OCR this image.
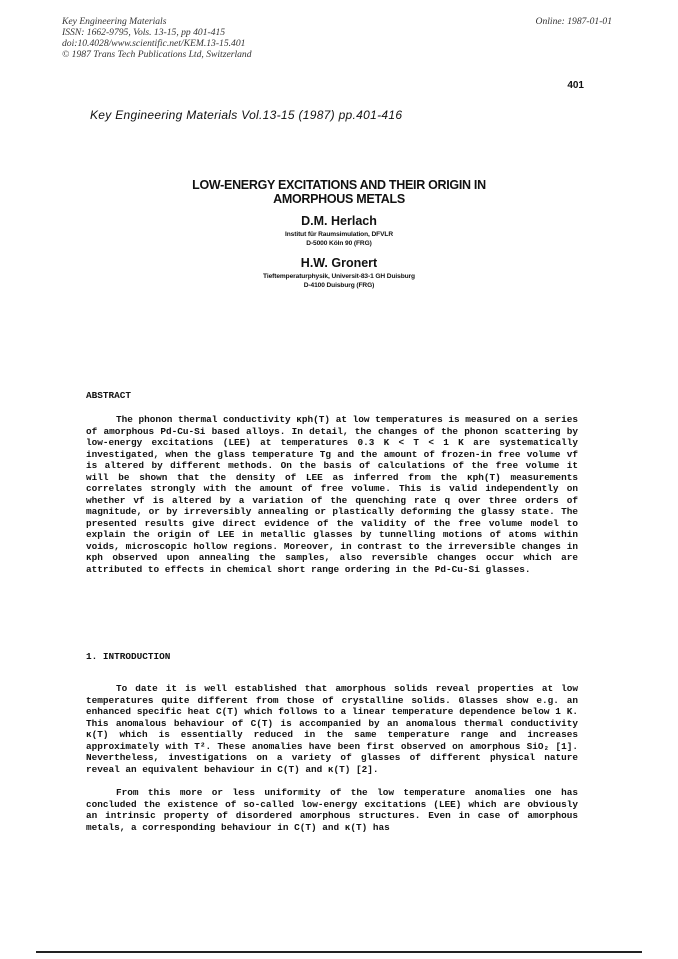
Key Engineering Materials
ISSN: 1662-9795, Vols. 13-15, pp 401-415
doi:10.4028/www.scientific.net/KEM.13-15.401
© 1987 Trans Tech Publications Ltd, Switzerland
Online: 1987-01-01
401
Key Engineering Materials Vol.13-15 (1987) pp.401-416
LOW-ENERGY EXCITATIONS AND THEIR ORIGIN IN
AMORPHOUS METALS
D.M. Herlach
Institut für Raumsimulation, DFVLR
D-5000 Köln 90 (FRG)
H.W. Gronert
Tieftemperaturphysik, Universit-83-1 GH Duisburg
D-4100 Duisburg (FRG)
ABSTRACT

The phonon thermal conductivity κph(T) at low temperatures is measured on a series of amorphous Pd-Cu-Si based alloys. In detail, the changes of the phonon scattering by low-energy excitations (LEE) at temperatures 0.3 K < T < 1 K are systematically investigated, when the glass temperature Tg and the amount of frozen-in free volume vf is altered by different methods. On the basis of calculations of the free volume it will be shown that the density of LEE as inferred from the κph(T) measurements correlates strongly with the amount of free volume. This is valid independently on whether vf is altered by a variation of the quenching rate q over three orders of magnitude, or by irreversibly annealing or plastically deforming the glassy state. The presented results give direct evidence of the validity of the free volume model to explain the origin of LEE in metallic glasses by tunnelling motions of atoms within voids, microscopic hollow regions. Moreover, in contrast to the irreversible changes in κph observed upon annealing the samples, also reversible changes occur which are attributed to effects in chemical short range ordering in the Pd-Cu-Si glasses.

1. INTRODUCTION

To date it is well established that amorphous solids reveal properties at low temperatures quite different from those of crystalline solids. Glasses show e.g. an enhanced specific heat C(T) which follows to a linear temperature dependence below 1 K. This anomalous behaviour of C(T) is accompanied by an anomalous thermal conductivity κ(T) which is essentially reduced in the same temperature range and increases approximately with T². These anomalies have been first observed on amorphous SiO₂ [1]. Nevertheless, investigations on a variety of glasses of different physical nature reveal an equivalent behaviour in C(T) and κ(T) [2].

From this more or less uniformity of the low temperature anomalies one has concluded the existence of so-called low-energy excitations (LEE) which are obviously an intrinsic property of disordered amorphous structures. Even in case of amorphous metals, a corresponding behaviour in C(T) and κ(T) has
